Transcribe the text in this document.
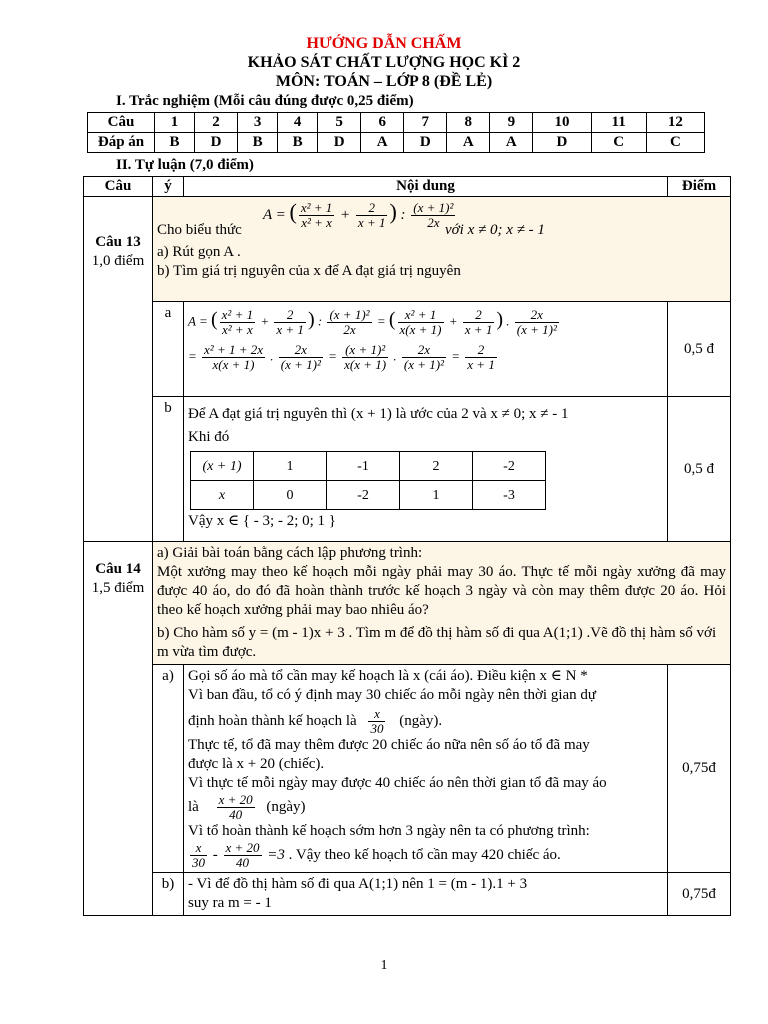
HƯỚNG DẪN CHẤM
KHẢO SÁT CHẤT LƯỢNG HỌC KÌ 2
MÔN: TOÁN – LỚP 8 (ĐỀ LẺ)
I. Trắc nghiệm (Mỗi câu đúng được 0,25 điểm)
Câu	1	2	3	4	5	6	7	8	9	10	11	12
Đáp án	B	D	B	B	D	A	D	A	A	D	C	C
II. Tự luận (7,0 điểm)
Câu	ý	Nội dung	Điểm

Câu 13
1,0 điểm	
Cho biểu thức
A = ( $\frac{\text{x² + 1}}{\text{x² + x}} + \frac{2}{x + 1}$ ) : $\frac{\text{(x + 1)²}}{2x}$
với x ≠ 0; x ≠ - 1
a) Rút gọn A .
b) Tìm giá trị nguyên của x để A đạt giá trị nguyên

a	A = ( $\frac{\text{x² + 1}}{\text{x² + x}} + \frac{2}{x + 1}$ ) : $\frac{\text{(x + 1)²}}{2x}$ = ( $\frac{\text{x² + 1}}{x(x + 1)} + \frac{2}{x + 1}$ ) . $\frac{2x}{\text{(x + 1)²}}$
= $\frac{\text{x² + 1 + 2x}}{x(x + 1)}$ . $\frac{2x}{\text{(x + 1)²}} = \frac{\text{(x + 1)²}}{x(x + 1)}$ . $\frac{2x}{\text{(x + 1)²}} = \frac{2}{x + 1}$	0,5 đ
b	Để A đạt giá trị nguyên thì (x + 1) là ước của 2 và x ≠ 0; x ≠ - 1
Khi đó
(x + 1)	1	-1	2	-2
x	0	-2	1	-3
Vậy x ∈ { - 3; - 2; 0; 1 }
	0,5 đ

Câu 14
1,5 điểm	
a) Giải bài toán bằng cách lập phương trình:
Một xưởng may theo kế hoạch mỗi ngày phải may 30 áo. Thực tế mỗi ngày xưởng đã may được 40 áo, do đó đã hoàn thành trước kế hoạch 3 ngày và còn may thêm được 20 áo. Hỏi theo kế hoạch xưởng phải may bao nhiêu áo?
b) Cho hàm số y = (m - 1)x + 3 . Tìm m để đồ thị hàm số đi qua A(1;1) .Vẽ đồ thị hàm số với m vừa tìm được.

a)	Gọi số áo mà tổ cần may kế hoạch là x (cái áo). Điều kiện x ∈ N *
Vì ban đầu, tổ có ý định may 30 chiếc áo mỗi ngày nên thời gian dự
định hoàn thành kế hoạch là $\frac{x}{30}$ (ngày).
Thực tế, tổ đã may thêm được 20 chiếc áo nữa nên số áo tổ đã may
được là x + 20 (chiếc).
Vì thực tế mỗi ngày may được 40 chiếc áo nên thời gian tổ đã may áo
là $\frac{x + 20}{40}$ (ngày)
Vì tổ hoàn thành kế hoạch sớm hơn 3 ngày nên ta có phương trình:
$\frac{x}{30} - \frac{x + 20}{40} =3$ . Vậy theo kế hoạch tổ cần may 420 chiếc áo.
	0,75đ
b)	- Vì để đồ thị hàm số đi qua A(1;1) nên 1 = (m - 1).1 + 3
suy ra m = - 1
	0,75đ
1
